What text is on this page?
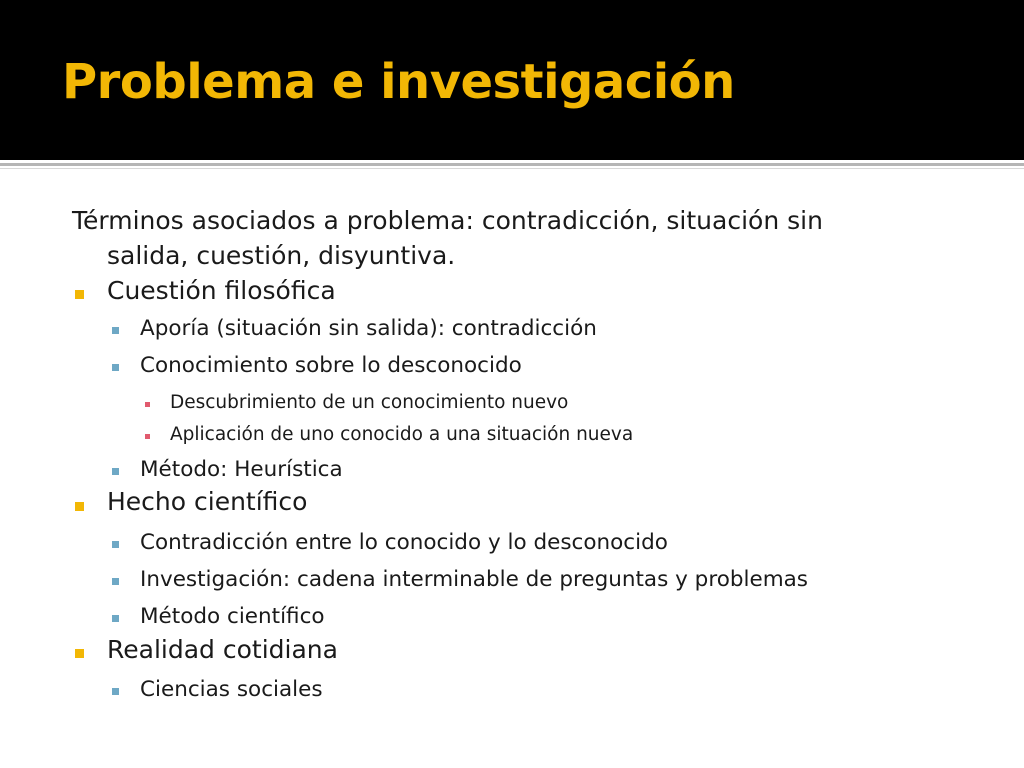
Problema e investigación
Términos asociados a problema: contradicción, situación sin
salida, cuestión, disyuntiva.
Cuestión filosófica
Aporía (situación sin salida): contradicción
Conocimiento sobre lo desconocido
Descubrimiento de un conocimiento nuevo
Aplicación de uno conocido a una situación nueva
Método: Heurística
Hecho científico
Contradicción entre lo conocido y lo desconocido
Investigación: cadena interminable de preguntas y problemas
Método científico
Realidad cotidiana
Ciencias sociales
